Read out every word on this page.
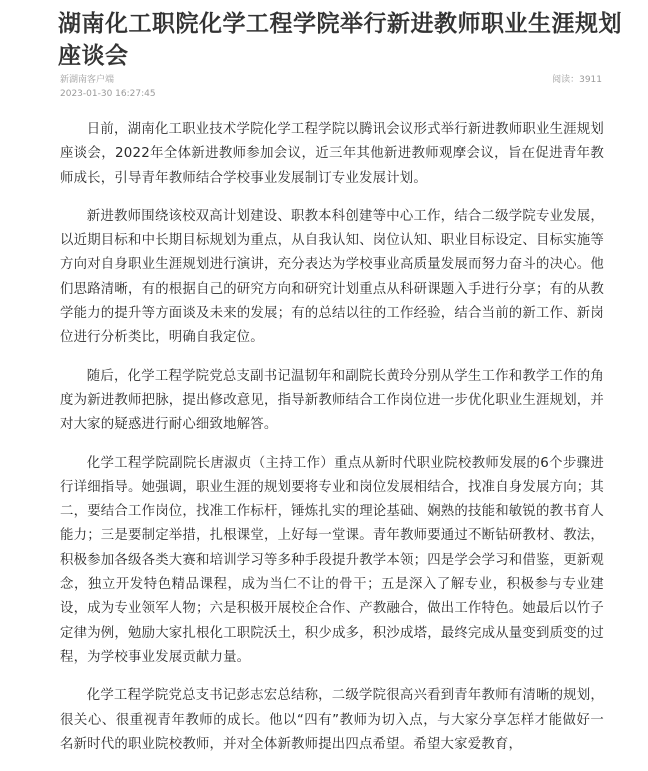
湖南化工职院化学工程学院举行新进教师职业生涯规划座谈会
新湖南客户端	阅读：3911
2023-01-30 16:27:45

日前，湖南化工职业技术学院化学工程学院以腾讯会议形式举行新进教师职业生涯规划座谈会，2022年全体新进教师参加会议，近三年其他新进教师观摩会议，旨在促进青年教师成长，引导青年教师结合学校事业发展制订专业发展计划。

新进教师围绕该校双高计划建设、职教本科创建等中心工作，结合二级学院专业发展，以近期目标和中长期目标规划为重点，从自我认知、岗位认知、职业目标设定、目标实施等方向对自身职业生涯规划进行演讲，充分表达为学校事业高质量发展而努力奋斗的决心。他们思路清晰，有的根据自己的研究方向和研究计划重点从科研课题入手进行分享；有的从教学能力的提升等方面谈及未来的发展；有的总结以往的工作经验，结合当前的新工作、新岗位进行分析类比，明确自我定位。

随后，化学工程学院党总支副书记温韧年和副院长黄玲分别从学生工作和教学工作的角度为新进教师把脉，提出修改意见，指导新教师结合工作岗位进一步优化职业生涯规划，并对大家的疑惑进行耐心细致地解答。

化学工程学院副院长唐淑贞（主持工作）重点从新时代职业院校教师发展的6个步骤进行详细指导。她强调，职业生涯的规划要将专业和岗位发展相结合，找准自身发展方向；其二，要结合工作岗位，找准工作标杆，锤炼扎实的理论基础、娴熟的技能和敏锐的教书育人能力；三是要制定举措，扎根课堂，上好每一堂课。青年教师要通过不断钻研教材、教法，积极参加各级各类大赛和培训学习等多种手段提升教学本领；四是学会学习和借鉴，更新观念，独立开发特色精品课程，成为当仁不让的骨干；五是深入了解专业，积极参与专业建设，成为专业领军人物；六是积极开展校企合作、产教融合，做出工作特色。她最后以竹子定律为例，勉励大家扎根化工职院沃土，积少成多，积沙成塔，最终完成从量变到质变的过程，为学校事业发展贡献力量。

化学工程学院党总支书记彭志宏总结称，二级学院很高兴看到青年教师有清晰的规划，很关心、很重视青年教师的成长。他以“四有”教师为切入点，与大家分享怎样才能做好一名新时代的职业院校教师，并对全体新教师提出四点希望。希望大家爱教育，
